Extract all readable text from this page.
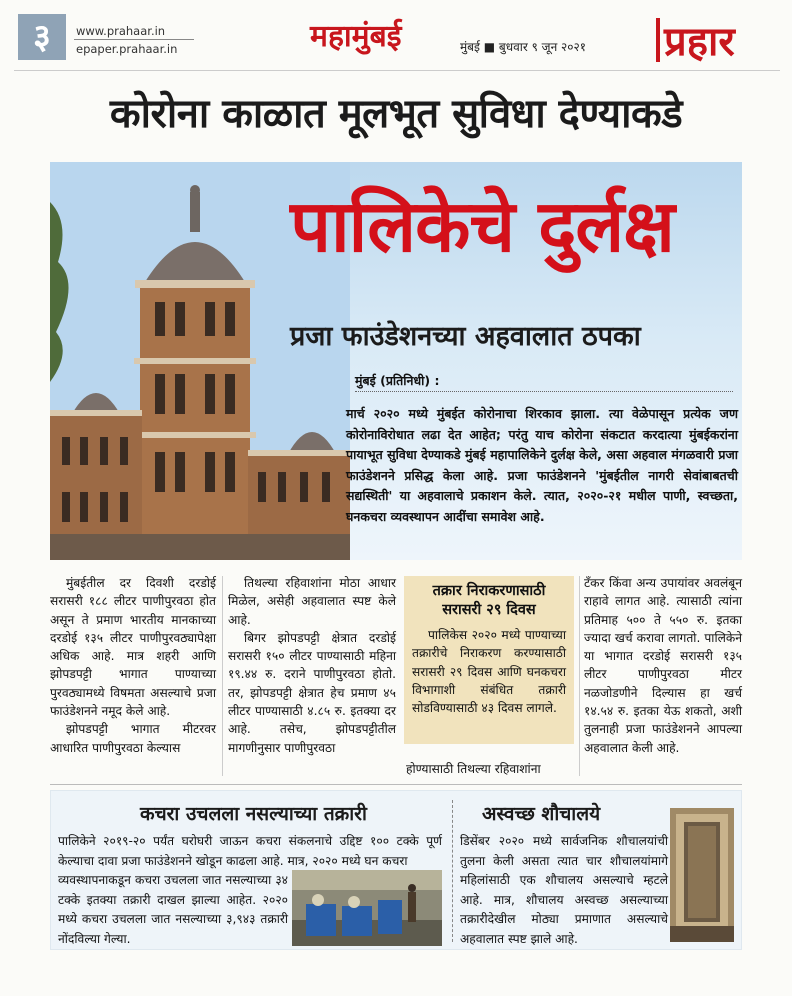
३	www.prahaar.in
epaper.prahaar.in	महामुंबई	मुंबई ■ बुधवार ९ जून २०२१ प्रहार
कोरोना काळात मूलभूत सुविधा देण्याकडे
पालिकेचे दुर्लक्ष
प्रजा फाउंडेशनच्या अहवालात ठपका
मुंबई (प्रतिनिधी) :
मार्च २०२० मध्ये मुंबईत कोरोनाचा शिरकाव झाला. त्या वेळेपासून प्रत्येक जण कोरोनाविरोधात लढा देत आहेत; परंतु याच कोरोना संकटात करदात्या मुंबईकरांना पायाभूत सुविधा देण्याकडे मुंबई महापालिकेने दुर्लक्ष केले, असा अहवाल मंगळवारी प्रजा फाउंडेशनने प्रसिद्ध केला आहे. प्रजा फाउंडेशनने 'मुंबईतील नागरी सेवांबाबतची सद्यस्थिती' या अहवालाचे प्रकाशन केले. त्यात, २०२०-२१ मधील पाणी, स्वच्छता, घनकचरा व्यवस्थापन आदींचा समावेश आहे.

मुंबईतील दर दिवशी दरडोई सरासरी १८८ लीटर पाणीपुरवठा होत असून ते प्रमाण भारतीय मानकाच्या दरडोई १३५ लीटर पाणीपुरवठ्यापेक्षा अधिक आहे. मात्र शहरी आणि झोपडपट्टी भागात पाण्याच्या पुरवठ्यामध्ये विषमता असल्याचे प्रजा फाउंडेशनने नमूद केले आहे.

झोपडपट्टी भागात मीटरवर आधारित पाणीपुरवठा केल्यास

तिथल्या रहिवाशांना मोठा आधार मिळेल, असेही अहवालात स्पष्ट केले आहे.

बिगर झोपडपट्टी क्षेत्रात दरडोई सरासरी १५० लीटर पाण्यासाठी महिना १९.४४ रु. दराने पाणीपुरवठा होतो. तर, झोपडपट्टी क्षेत्रात हेच प्रमाण ४५ लीटर पाण्यासाठी ४.८५ रु. इतक्या दर आहे. तसेच, झोपडपट्टीतील मागणीनुसार पाणीपुरवठा

तक्रार निराकरणासाठी सरासरी २९ दिवस
पालिकेस २०२० मध्ये पाण्याच्या तक्रारीचे निराकरण करण्यासाठी सरासरी २९ दिवस आणि घनकचरा विभागाशी संबंधित तक्रारी सोडविण्यासाठी ४३ दिवस लागले.

होण्यासाठी तिथल्या रहिवाशांना

टँकर किंवा अन्य उपायांवर अवलंबून राहावे लागत आहे. त्यासाठी त्यांना प्रतिमाह ५०० ते ५५० रु. इतका ज्यादा खर्च करावा लागतो. पालिकेने या भागात दरडोई सरासरी १३५ लीटर पाणीपुरवठा मीटर नळजोडणीने दिल्यास हा खर्च १४.५४ रु. इतका येऊ शकतो, अशी तुलनाही प्रजा फाउंडेशनने आपल्या अहवालात केली आहे.

कचरा उचलला नसल्याच्या तक्रारी
पालिकेने २०१९-२० पर्यंत घरोघरी जाऊन कचरा संकलनाचे उद्दिष्ट १०० टक्के पूर्ण केल्याचा दावा प्रजा फाउंडेशनने खोडून काढला आहे. मात्र, २०२० मध्ये घन कचरा
व्यवस्थापनाकडून कचरा उचलला जात नसल्याच्या ३४ टक्के इतक्या तक्रारी दाखल झाल्या आहेत. २०२० मध्ये कचरा उचलला जात नसल्याच्या ३,९४३ तक्रारी नोंदविल्या गेल्या.
अस्वच्छ शौचालये
डिसेंबर २०२० मध्ये सार्वजनिक शौचालयांची तुलना केली असता त्यात चार शौचालयांमागे महिलांसाठी एक शौचालय असल्याचे म्हटले आहे. मात्र, शौचालय अस्वच्छ असल्याच्या तक्रारीदेखील मोठ्या प्रमाणात असल्याचे अहवालात स्पष्ट झाले आहे.
